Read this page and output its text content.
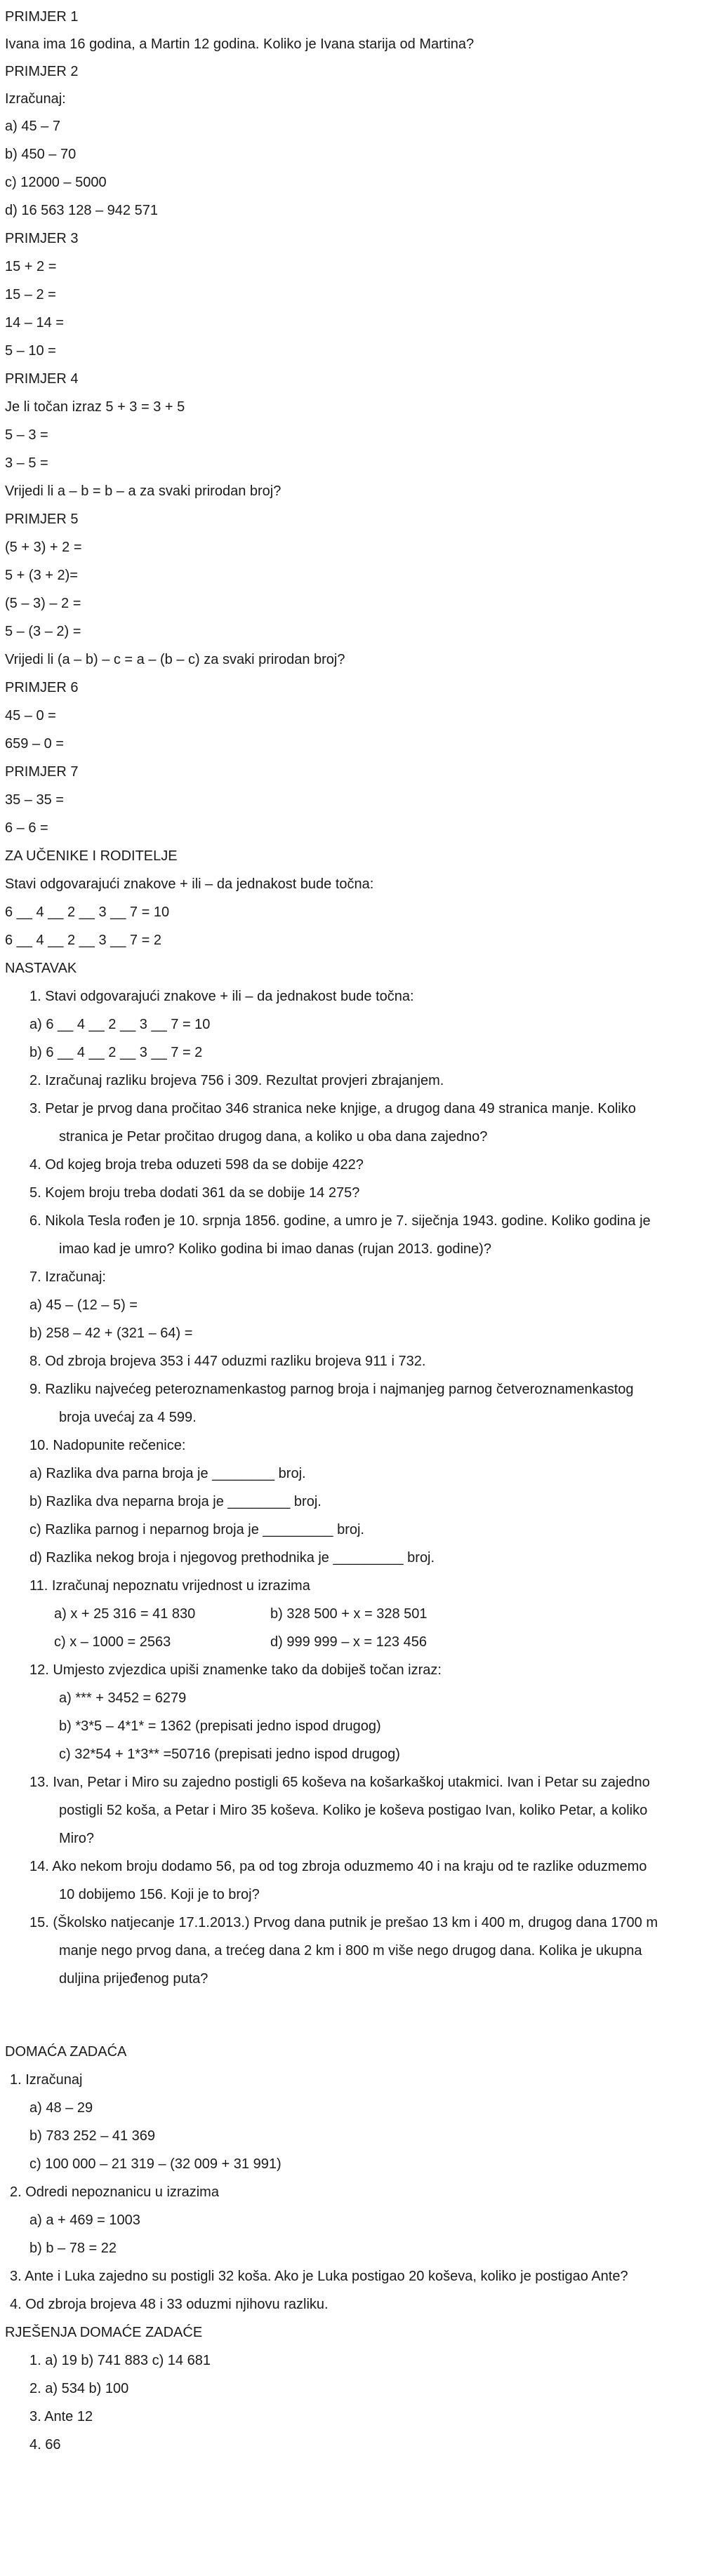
PRIMJER 1
Ivana ima 16 godina, a Martin 12 godina. Koliko je Ivana starija od Martina?
PRIMJER 2
Izračunaj:
a) 45 – 7
b) 450 – 70
c) 12000 – 5000
d) 16 563 128 – 942 571
PRIMJER 3
15 + 2 =
15 – 2 =
14 – 14 =
5 – 10 =
PRIMJER 4
Je li točan izraz 5 + 3 = 3 + 5
5 – 3 =
3 – 5 =
Vrijedi li a – b = b – a za svaki prirodan broj?
PRIMJER 5
(5 + 3) + 2 =
5 + (3 + 2)=
(5 – 3) – 2 =
5 – (3 – 2) =
Vrijedi li (a – b) – c = a – (b – c) za svaki prirodan broj?
PRIMJER 6
45 – 0 =
659 – 0 =
PRIMJER 7
35 – 35 =
6 – 6 =
ZA UČENIKE I RODITELJE
Stavi odgovarajući znakove + ili – da jednakost bude točna:
6 __ 4 __ 2 __ 3 __ 7 = 10
6 __ 4 __ 2 __ 3 __ 7 = 2
NASTAVAK
1. Stavi odgovarajući znakove + ili – da jednakost bude točna:
a) 6 __ 4 __ 2 __ 3 __ 7 = 10
b) 6 __ 4 __ 2 __ 3 __ 7 = 2
2. Izračunaj razliku brojeva 756 i 309. Rezultat provjeri zbrajanjem.
3. Petar je prvog dana pročitao 346 stranica neke knjige, a drugog dana 49 stranica manje. Koliko
stranica je Petar pročitao drugog dana, a koliko u oba dana zajedno?
4. Od kojeg broja treba oduzeti 598 da se dobije 422?
5. Kojem broju treba dodati 361 da se dobije 14 275?
6. Nikola Tesla rođen je 10. srpnja 1856. godine, a umro je 7. siječnja 1943. godine. Koliko godina je
imao kad je umro? Koliko godina bi imao danas (rujan 2013. godine)?
7. Izračunaj:
a) 45 – (12 – 5) =
b) 258 – 42 + (321 – 64) =
8. Od zbroja brojeva 353 i 447 oduzmi razliku brojeva 911 i 732.
9. Razliku najvećeg peteroznamenkastog parnog broja i najmanjeg parnog četveroznamenkastog
broja uvećaj za 4 599.
10. Nadopunite rečenice:
a) Razlika dva parna broja je ________ broj.
b) Razlika dva neparna broja je ________ broj.
c) Razlika parnog i neparnog broja je _________ broj.
d) Razlika nekog broja i njegovog prethodnika je _________ broj.
11. Izračunaj nepoznatu vrijednost u izrazima
a) x + 25 316 = 41 830	b) 328 500 + x = 328 501
c) x – 1000 = 2563	d) 999 999 – x = 123 456
12. Umjesto zvjezdica upiši znamenke tako da dobiješ točan izraz:
a) *** + 3452 = 6279
b) *3*5 – 4*1* = 1362 (prepisati jedno ispod drugog)
c) 32*54 + 1*3** =50716 (prepisati jedno ispod drugog)
13. Ivan, Petar i Miro su zajedno postigli 65 koševa na košarkaškoj utakmici. Ivan i Petar su zajedno
postigli 52 koša, a Petar i Miro 35 koševa. Koliko je koševa postigao Ivan, koliko Petar, a koliko
Miro?
14. Ako nekom broju dodamo 56, pa od tog zbroja oduzmemo 40 i na kraju od te razlike oduzmemo
10 dobijemo 156. Koji je to broj?
15. (Školsko natjecanje 17.1.2013.) Prvog dana putnik je prešao 13 km i 400 m, drugog dana 1700 m
manje nego prvog dana, a trećeg dana 2 km i 800 m više nego drugog dana. Kolika je ukupna
duljina prijeđenog puta?
DOMAĆA ZADAĆA
1. Izračunaj
a) 48 – 29
b) 783 252 – 41 369
c) 100 000 – 21 319 – (32 009 + 31 991)
2. Odredi nepoznanicu u izrazima
a) a + 469 = 1003
b) b – 78 = 22
3. Ante i Luka zajedno su postigli 32 koša. Ako je Luka postigao 20 koševa, koliko je postigao Ante?
4. Od zbroja brojeva 48 i 33 oduzmi njihovu razliku.
RJEŠENJA DOMAĆE ZADAĆE
1. a) 19 b) 741 883 c) 14 681
2. a) 534 b) 100
3. Ante 12
4. 66
